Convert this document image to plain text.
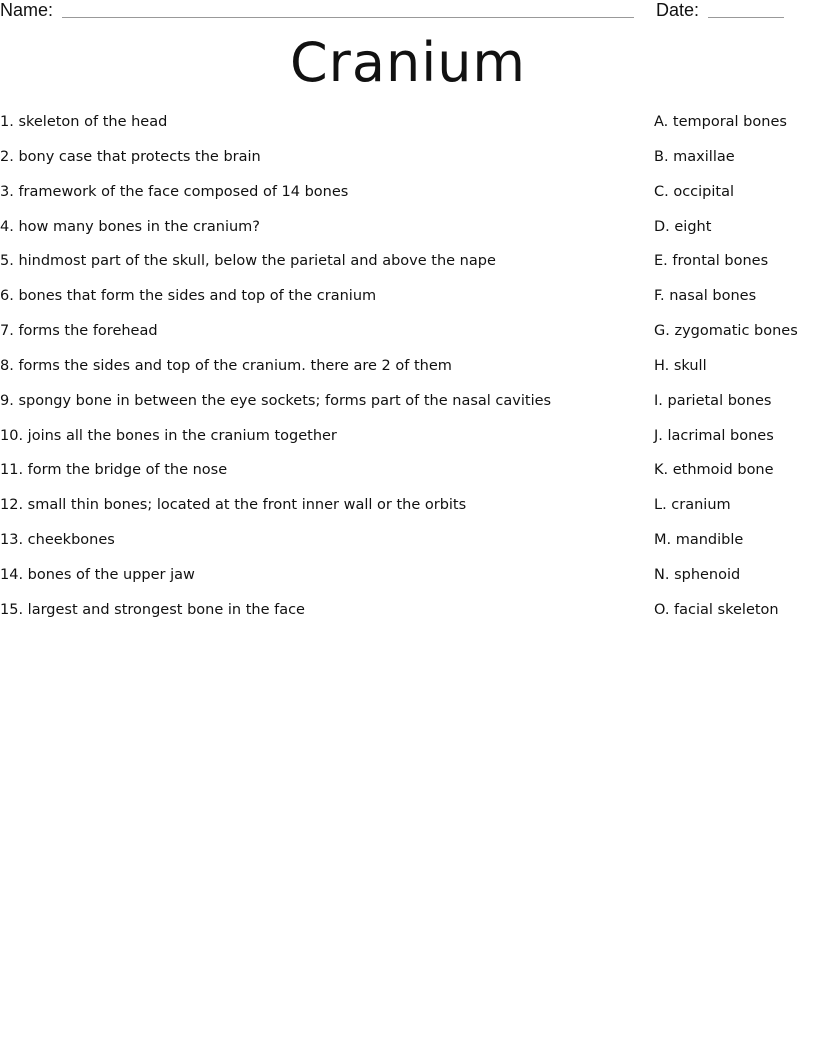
Name:	Date:
Cranium
1. skeleton of the head	A. temporal bones
2. bony case that protects the brain	B. maxillae
3. framework of the face composed of 14 bones	C. occipital
4. how many bones in the cranium?	D. eight
5. hindmost part of the skull, below the parietal and above the nape	E. frontal bones
6. bones that form the sides and top of the cranium	F. nasal bones
7. forms the forehead	G. zygomatic bones
8. forms the sides and top of the cranium. there are 2 of them	H. skull
9. spongy bone in between the eye sockets; forms part of the nasal cavities	I. parietal bones
10. joins all the bones in the cranium together	J. lacrimal bones
11. form the bridge of the nose	K. ethmoid bone
12. small thin bones; located at the front inner wall or the orbits	L. cranium
13. cheekbones	M. mandible
14. bones of the upper jaw	N. sphenoid
15. largest and strongest bone in the face	O. facial skeleton
